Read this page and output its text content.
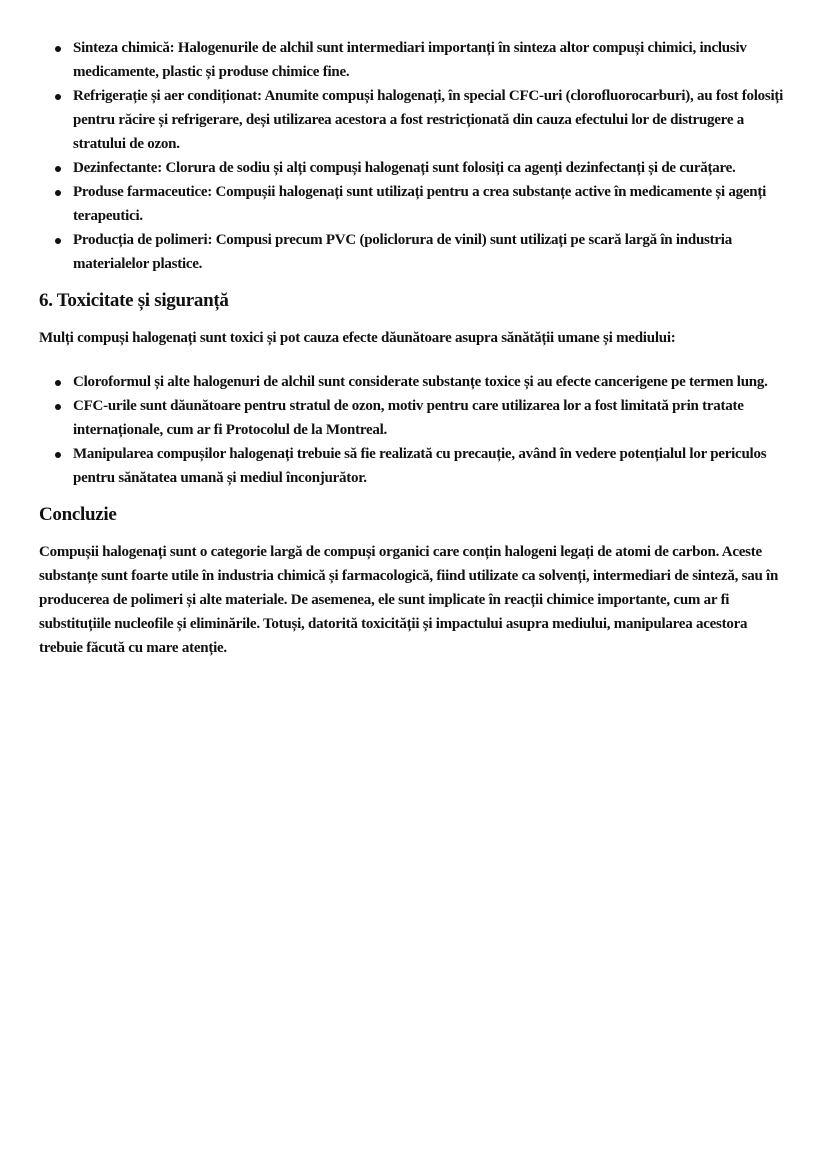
Sinteza chimică: Halogenurile de alchil sunt intermediari importanți în sinteza altor compuși chimici, inclusiv medicamente, plastic și produse chimice fine.
Refrigerație și aer condiționat: Anumite compuși halogenați, în special CFC-uri (clorofluorocarburi), au fost folosiți pentru răcire și refrigerare, deși utilizarea acestora a fost restricționată din cauza efectului lor de distrugere a stratului de ozon.
Dezinfectante: Clorura de sodiu și alți compuși halogenați sunt folosiți ca agenți dezinfectanți și de curățare.
Produse farmaceutice: Compușii halogenați sunt utilizați pentru a crea substanțe active în medicamente și agenți terapeutici.
Producția de polimeri: Compusi precum PVC (policlorura de vinil) sunt utilizați pe scară largă în industria materialelor plastice.
6. Toxicitate și siguranță

Mulți compuși halogenați sunt toxici și pot cauza efecte dăunătoare asupra sănătății umane și mediului:

Cloroformul și alte halogenuri de alchil sunt considerate substanțe toxice și au efecte cancerigene pe termen lung.
CFC-urile sunt dăunătoare pentru stratul de ozon, motiv pentru care utilizarea lor a fost limitată prin tratate internaționale, cum ar fi Protocolul de la Montreal.
Manipularea compușilor halogenați trebuie să fie realizată cu precauție, având în vedere potențialul lor periculos pentru sănătatea umană și mediul înconjurător.
Concluzie

Compușii halogenați sunt o categorie largă de compuși organici care conțin halogeni legați de atomi de carbon. Aceste substanțe sunt foarte utile în industria chimică și farmacologică, fiind utilizate ca solvenți, intermediari de sinteză, sau în producerea de polimeri și alte materiale. De asemenea, ele sunt implicate în reacții chimice importante, cum ar fi substituțiile nucleofile și eliminările. Totuși, datorită toxicității și impactului asupra mediului, manipularea acestora trebuie făcută cu mare atenție.
